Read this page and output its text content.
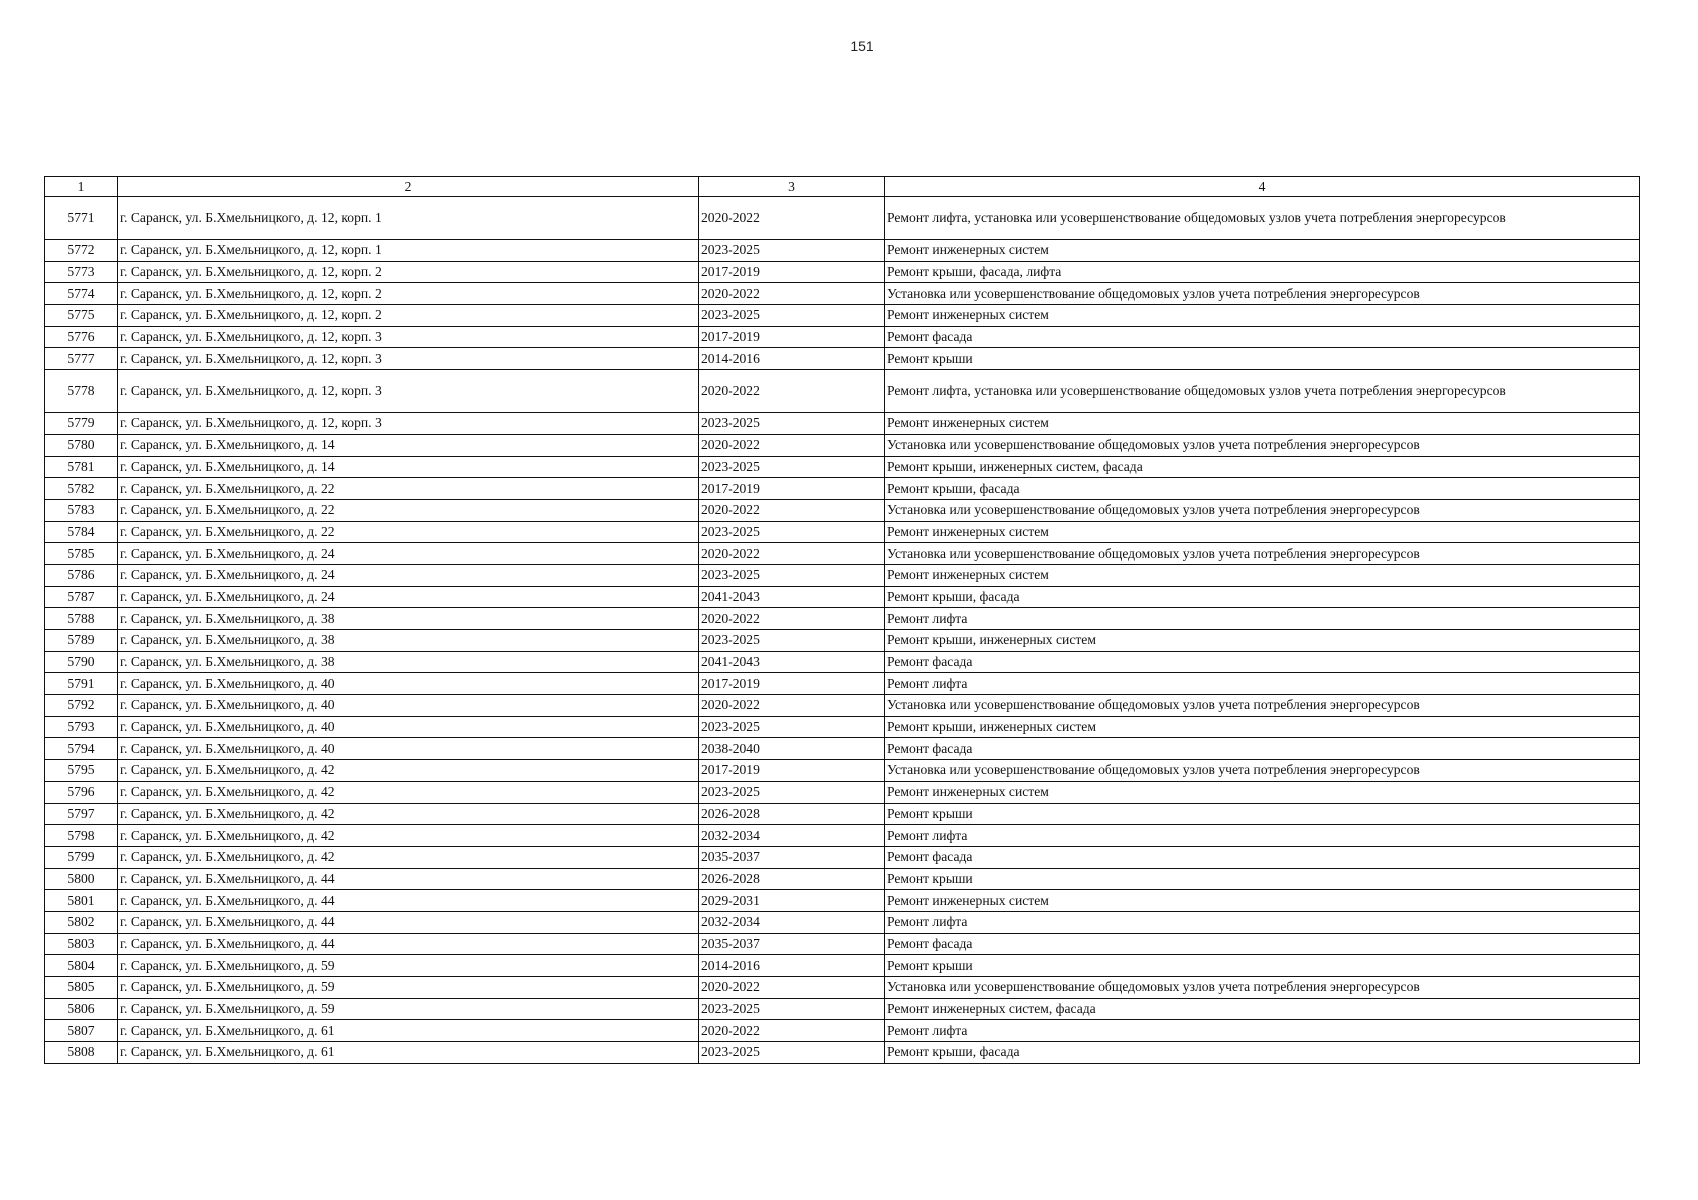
151
1	2	3	4
5771	г. Саранск, ул. Б.Хмельницкого, д. 12, корп. 1	2020-2022	Ремонт лифта, установка или усовершенствование общедомовых узлов учета потребления энергоресурсов
5772	г. Саранск, ул. Б.Хмельницкого, д. 12, корп. 1	2023-2025	Ремонт инженерных систем
5773	г. Саранск, ул. Б.Хмельницкого, д. 12, корп. 2	2017-2019	Ремонт крыши, фасада, лифта
5774	г. Саранск, ул. Б.Хмельницкого, д. 12, корп. 2	2020-2022	Установка или усовершенствование общедомовых узлов учета потребления энергоресурсов
5775	г. Саранск, ул. Б.Хмельницкого, д. 12, корп. 2	2023-2025	Ремонт инженерных систем
5776	г. Саранск, ул. Б.Хмельницкого, д. 12, корп. 3	2017-2019	Ремонт фасада
5777	г. Саранск, ул. Б.Хмельницкого, д. 12, корп. 3	2014-2016	Ремонт крыши
5778	г. Саранск, ул. Б.Хмельницкого, д. 12, корп. 3	2020-2022	Ремонт лифта, установка или усовершенствование общедомовых узлов учета потребления энергоресурсов
5779	г. Саранск, ул. Б.Хмельницкого, д. 12, корп. 3	2023-2025	Ремонт инженерных систем
5780	г. Саранск, ул. Б.Хмельницкого, д. 14	2020-2022	Установка или усовершенствование общедомовых узлов учета потребления энергоресурсов
5781	г. Саранск, ул. Б.Хмельницкого, д. 14	2023-2025	Ремонт крыши, инженерных систем, фасада
5782	г. Саранск, ул. Б.Хмельницкого, д. 22	2017-2019	Ремонт крыши, фасада
5783	г. Саранск, ул. Б.Хмельницкого, д. 22	2020-2022	Установка или усовершенствование общедомовых узлов учета потребления энергоресурсов
5784	г. Саранск, ул. Б.Хмельницкого, д. 22	2023-2025	Ремонт инженерных систем
5785	г. Саранск, ул. Б.Хмельницкого, д. 24	2020-2022	Установка или усовершенствование общедомовых узлов учета потребления энергоресурсов
5786	г. Саранск, ул. Б.Хмельницкого, д. 24	2023-2025	Ремонт инженерных систем
5787	г. Саранск, ул. Б.Хмельницкого, д. 24	2041-2043	Ремонт крыши, фасада
5788	г. Саранск, ул. Б.Хмельницкого, д. 38	2020-2022	Ремонт лифта
5789	г. Саранск, ул. Б.Хмельницкого, д. 38	2023-2025	Ремонт крыши, инженерных систем
5790	г. Саранск, ул. Б.Хмельницкого, д. 38	2041-2043	Ремонт фасада
5791	г. Саранск, ул. Б.Хмельницкого, д. 40	2017-2019	Ремонт лифта
5792	г. Саранск, ул. Б.Хмельницкого, д. 40	2020-2022	Установка или усовершенствование общедомовых узлов учета потребления энергоресурсов
5793	г. Саранск, ул. Б.Хмельницкого, д. 40	2023-2025	Ремонт крыши, инженерных систем
5794	г. Саранск, ул. Б.Хмельницкого, д. 40	2038-2040	Ремонт фасада
5795	г. Саранск, ул. Б.Хмельницкого, д. 42	2017-2019	Установка или усовершенствование общедомовых узлов учета потребления энергоресурсов
5796	г. Саранск, ул. Б.Хмельницкого, д. 42	2023-2025	Ремонт инженерных систем
5797	г. Саранск, ул. Б.Хмельницкого, д. 42	2026-2028	Ремонт крыши
5798	г. Саранск, ул. Б.Хмельницкого, д. 42	2032-2034	Ремонт лифта
5799	г. Саранск, ул. Б.Хмельницкого, д. 42	2035-2037	Ремонт фасада
5800	г. Саранск, ул. Б.Хмельницкого, д. 44	2026-2028	Ремонт крыши
5801	г. Саранск, ул. Б.Хмельницкого, д. 44	2029-2031	Ремонт инженерных систем
5802	г. Саранск, ул. Б.Хмельницкого, д. 44	2032-2034	Ремонт лифта
5803	г. Саранск, ул. Б.Хмельницкого, д. 44	2035-2037	Ремонт фасада
5804	г. Саранск, ул. Б.Хмельницкого, д. 59	2014-2016	Ремонт крыши
5805	г. Саранск, ул. Б.Хмельницкого, д. 59	2020-2022	Установка или усовершенствование общедомовых узлов учета потребления энергоресурсов
5806	г. Саранск, ул. Б.Хмельницкого, д. 59	2023-2025	Ремонт инженерных систем, фасада
5807	г. Саранск, ул. Б.Хмельницкого, д. 61	2020-2022	Ремонт лифта
5808	г. Саранск, ул. Б.Хмельницкого, д. 61	2023-2025	Ремонт крыши, фасада
